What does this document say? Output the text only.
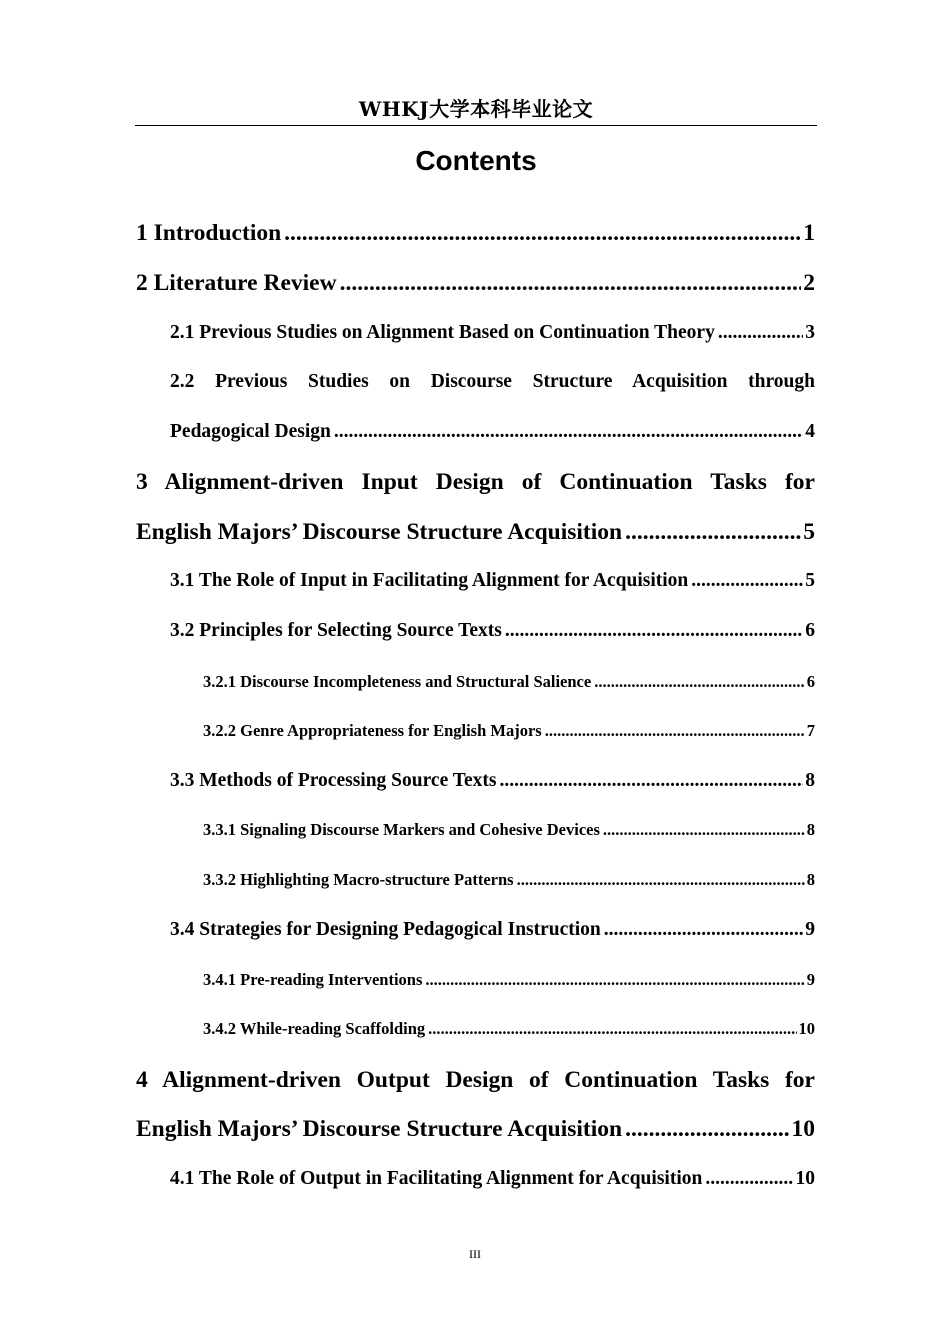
WHKJ大学本科毕业论文
Contents
1 Introduction .....	1
2 Literature Review .....	2
2.1 Previous Studies on Alignment Based on Continuation Theory .....	3
2.2 Previous Studies on Discourse Structure Acquisition through
Pedagogical Design .....	4
3 Alignment-driven Input Design of Continuation Tasks for
English Majors’ Discourse Structure Acquisition .....	5
3.1 The Role of Input in Facilitating Alignment for Acquisition .....	5
3.2 Principles for Selecting Source Texts .....	6
3.2.1 Discourse Incompleteness and Structural Salience .....	6
3.2.2 Genre Appropriateness for English Majors .....	7
3.3 Methods of Processing Source Texts .....	8
3.3.1 Signaling Discourse Markers and Cohesive Devices .....	8
3.3.2 Highlighting Macro-structure Patterns .....	8
3.4 Strategies for Designing Pedagogical Instruction .....	9
3.4.1 Pre-reading Interventions .....	9
3.4.2 While-reading Scaffolding .....	10
4 Alignment-driven Output Design of Continuation Tasks for
English Majors’ Discourse Structure Acquisition .....	10
4.1 The Role of Output in Facilitating Alignment for Acquisition .....	10
III
